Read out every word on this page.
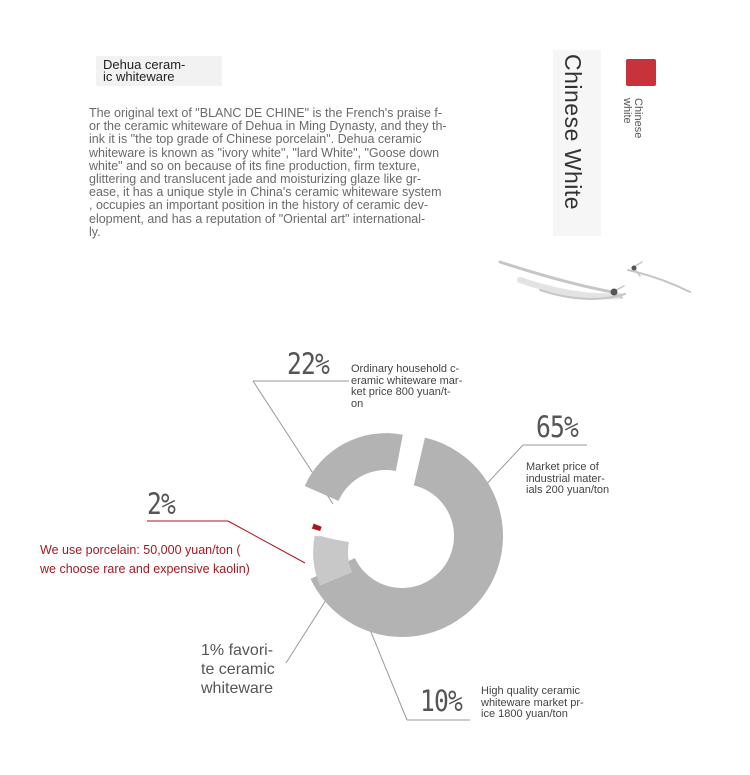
Dehua ceram-
ic whiteware
The original text of "BLANC DE CHINE" is the French's praise f-
or the ceramic whiteware of Dehua in Ming Dynasty, and they th-
ink it is "the top grade of Chinese porcelain". Dehua ceramic
whiteware is known as "ivory white", "lard White", "Goose down
white" and so on because of its fine production, firm texture,
glittering and translucent jade and moisturizing glaze like gr-
ease, it has a unique style in China's ceramic whiteware system
, occupies an important position in the history of ceramic dev-
elopment, and has a reputation of "Oriental art" international-
ly.
Chinese White	Chinese
white
22% Ordinary household c-
eramic whiteware mar-
ket price 800 yuan/t-
on
65%
Market price of
industrial mater-
ials 200 yuan/ton
2%
We use porcelain: 50,000 yuan/ton (
we choose rare and expensive kaolin)
1% favori-
te ceramic
whiteware	10% High quality ceramic
whiteware market pr-
ice 1800 yuan/ton
